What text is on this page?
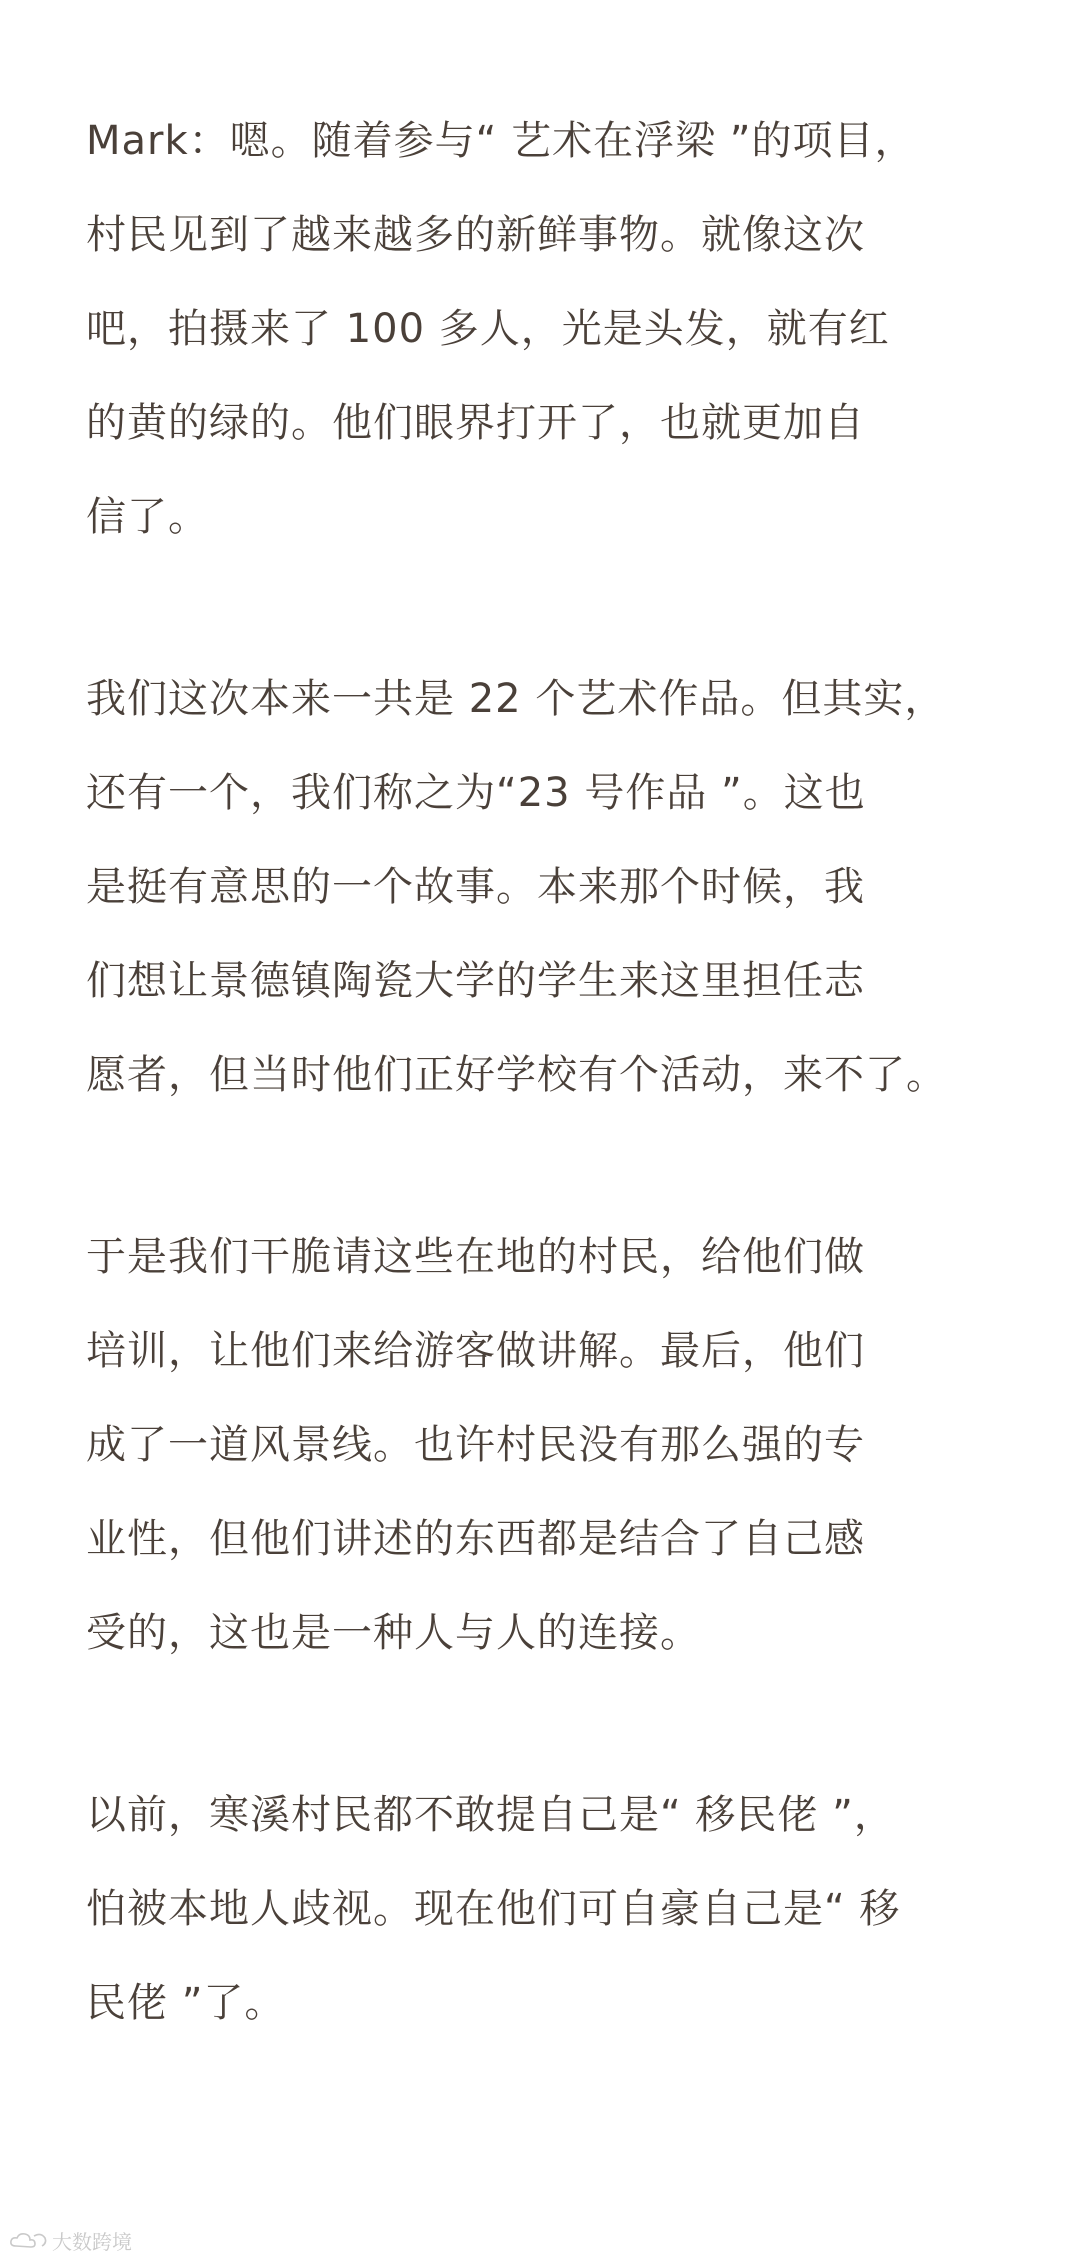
Mark：嗯。随着参与“ 艺术在浮梁 ”的项目，
村民见到了越来越多的新鲜事物。就像这次
吧，拍摄来了 100 多人，光是头发，就有红
的黄的绿的。他们眼界打开了，也就更加自
信了。

我们这次本来一共是 22 个艺术作品。但其实，
还有一个，我们称之为“23 号作品 ”。这也
是挺有意思的一个故事。本来那个时候，我
们想让景德镇陶瓷大学的学生来这里担任志
愿者，但当时他们正好学校有个活动，来不了。

于是我们干脆请这些在地的村民，给他们做
培训，让他们来给游客做讲解。最后，他们
成了一道风景线。也许村民没有那么强的专
业性，但他们讲述的东西都是结合了自己感
受的，这也是一种人与人的连接。

以前，寒溪村民都不敢提自己是“ 移民佬 ”，
怕被本地人歧视。现在他们可自豪自己是“ 移
民佬 ”了。

大数跨境
